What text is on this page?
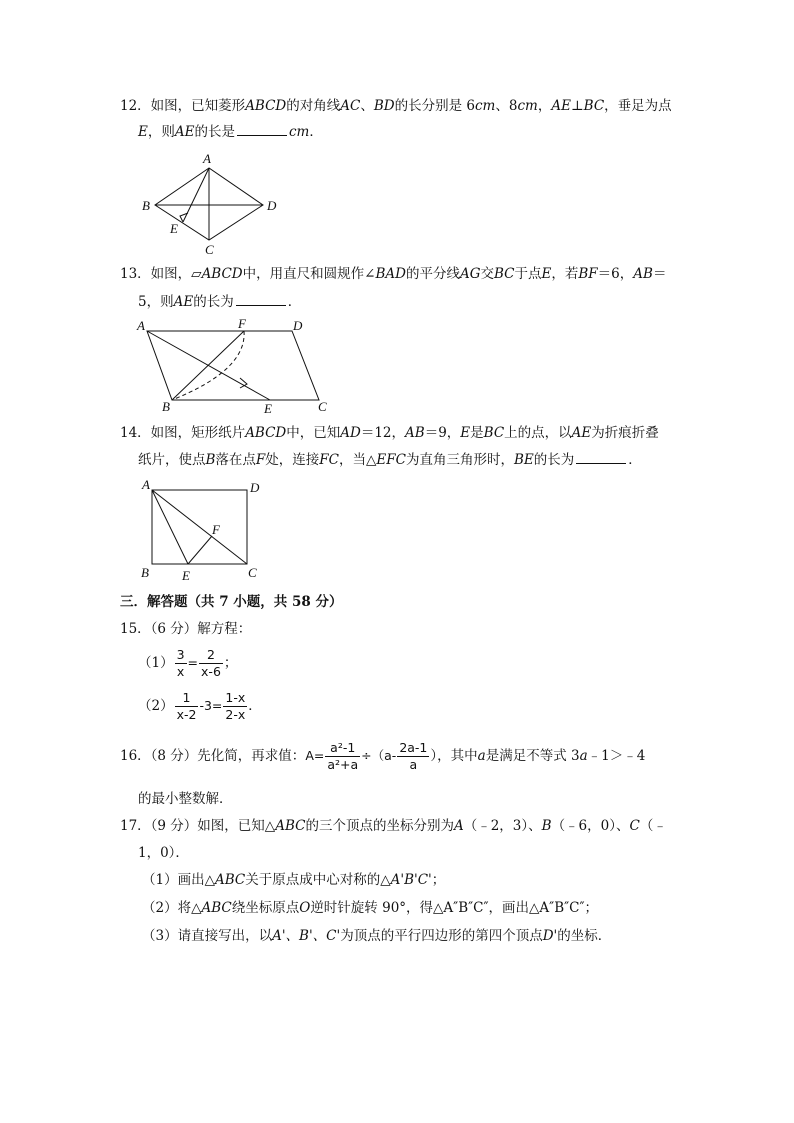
12．如图，已知菱形ABCD的对角线AC、BD的长分别是 6cm、8cm，AE⊥BC，垂足为点
E，则AE的长是	cm．
A
B
C
D
E
13．如图，▱ABCD中，用直尺和圆规作∠BAD的平分线AG交BC于点E，若BF＝6，AB＝
5，则AE的长为	．
A	F	D
B	E	C
14．如图，矩形纸片ABCD中，已知AD＝12，AB＝9，E是BC上的点，以AE为折痕折叠
纸片，使点B落在点F处，连接FC，当△EFC为直角三角形时，BE的长为	．
A	D
F
B	E	C
三．解答题（共 7 小题，共 58 分）
15．（6 分）解方程：
$(1) \frac{3}{x} = \frac{2}{x-6}$ ；
$(2) \frac{1}{x-2} -3= \frac{1-x}{2-x}$ ．
16．（8 分）先化简，再求值：$A= \frac{\text{a²-1}}{\text{a²+a}} \div(a- \frac{2a-1}{a}$ ），其中a是满足不等式 3a﹣1＞﹣4
的最小整数解．
17．（9 分）如图，已知△ABC的三个顶点的坐标分别为A（﹣2，3）、B（﹣6，0）、C（﹣
1，0）．
（1）画出△ABC关于原点成中心对称的△A'B'C'；
（2）将△ABC绕坐标原点O逆时针旋转 90°，得△A″B″C″，画出△A″B″C″；
（3）请直接写出，以A'、B'、C'为顶点的平行四边形的第四个顶点D'的坐标．
